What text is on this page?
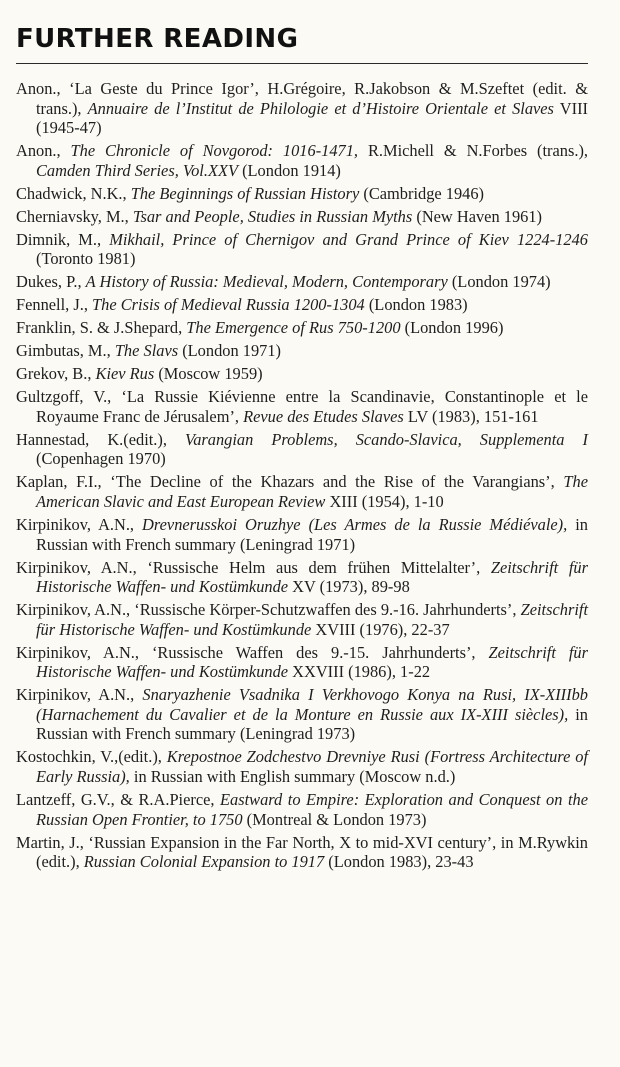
FURTHER READING
Anon., ‘La Geste du Prince Igor’, H.Grégoire, R.Jakobson & M.Szeftet (edit. & trans.), Annuaire de l’Institut de Philologie et d’Histoire Orientale et Slaves VIII (1945-47)
Anon., The Chronicle of Novgorod: 1016-1471, R.Michell & N.Forbes (trans.), Camden Third Series, Vol.XXV (London 1914)
Chadwick, N.K., The Beginnings of Russian History (Cambridge 1946)
Cherniavsky, M., Tsar and People, Studies in Russian Myths (New Haven 1961)
Dimnik, M., Mikhail, Prince of Chernigov and Grand Prince of Kiev 1224-1246 (Toronto 1981)
Dukes, P., A History of Russia: Medieval, Modern, Contemporary (London 1974)
Fennell, J., The Crisis of Medieval Russia 1200-1304 (London 1983)
Franklin, S. & J.Shepard, The Emergence of Rus 750-1200 (London 1996)
Gimbutas, M., The Slavs (London 1971)
Grekov, B., Kiev Rus (Moscow 1959)
Gultzgoff, V., ‘La Russie Kiévienne entre la Scandinavie, Constantinople et le Royaume Franc de Jérusalem’, Revue des Etudes Slaves LV (1983), 151-161
Hannestad, K.(edit.), Varangian Problems, Scando-Slavica, Supplementa I (Copenhagen 1970)
Kaplan, F.I., ‘The Decline of the Khazars and the Rise of the Varangians’, The American Slavic and East European Review XIII (1954), 1-10
Kirpinikov, A.N., Drevnerusskoi Oruzhye (Les Armes de la Russie Médiévale), in Russian with French summary (Leningrad 1971)
Kirpinikov, A.N., ‘Russische Helm aus dem frühen Mittelalter’, Zeitschrift für Historische Waffen- und Kostümkunde XV (1973), 89-98
Kirpinikov, A.N., ‘Russische Körper-Schutzwaffen des 9.-16. Jahrhunderts’, Zeitschrift für Historische Waffen- und Kostümkunde XVIII (1976), 22-37
Kirpinikov, A.N., ‘Russische Waffen des 9.-15. Jahrhunderts’, Zeitschrift für Historische Waffen- und Kostümkunde XXVIII (1986), 1-22
Kirpinikov, A.N., Snaryazhenie Vsadnika I Verkhovogo Konya na Rusi, IX-XIIIbb (Harnachement du Cavalier et de la Monture en Russie aux IX-XIII siècles), in Russian with French summary (Leningrad 1973)
Kostochkin, V.,(edit.), Krepostnoe Zodchestvo Drevniye Rusi (Fortress Architecture of Early Russia), in Russian with English summary (Moscow n.d.)
Lantzeff, G.V., & R.A.Pierce, Eastward to Empire: Exploration and Conquest on the Russian Open Frontier, to 1750 (Montreal & London 1973)
Martin, J., ‘Russian Expansion in the Far North, X to mid-XVI century’, in M.Rywkin (edit.), Russian Colonial Expansion to 1917 (London 1983), 23-43
